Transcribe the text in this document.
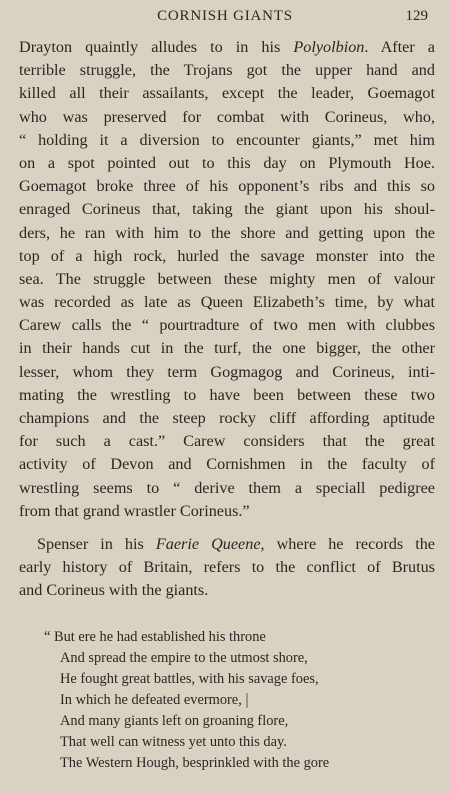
CORNISH GIANTS	129
Drayton quaintly alludes to in his Polyolbion. After a
terrible struggle, the Trojans got the upper hand and
killed all their assailants, except the leader, Goemagot
who was preserved for combat with Corineus, who,
“ holding it a diversion to encounter giants,” met him
on a spot pointed out to this day on Plymouth Hoe.
Goemagot broke three of his opponent’s ribs and this so
enraged Corineus that, taking the giant upon his shoul-
ders, he ran with him to the shore and getting upon the
top of a high rock, hurled the savage monster into the
sea. The struggle between these mighty men of valour
was recorded as late as Queen Elizabeth’s time, by what
Carew calls the “ pourtradture of two men with clubbes
in their hands cut in the turf, the one bigger, the other
lesser, whom they term Gogmagog and Corineus, inti-
mating the wrestling to have been between these two
champions and the steep rocky cliff affording aptitude
for such a cast.” Carew considers that the great
activity of Devon and Cornishmen in the faculty of
wrestling seems to “ derive them a speciall pedigree
from that grand wrastler Corineus.”
Spenser in his Faerie Queene, where he records the
early history of Britain, refers to the conflict of Brutus
and Corineus with the giants.
“ But ere he had established his throne
And spread the empire to the utmost shore,
He fought great battles, with his savage foes,
In which he defeated evermore,
And many giants left on groaning flore,
That well can witness yet unto this day.
The Western Hough, besprinkled with the gore
